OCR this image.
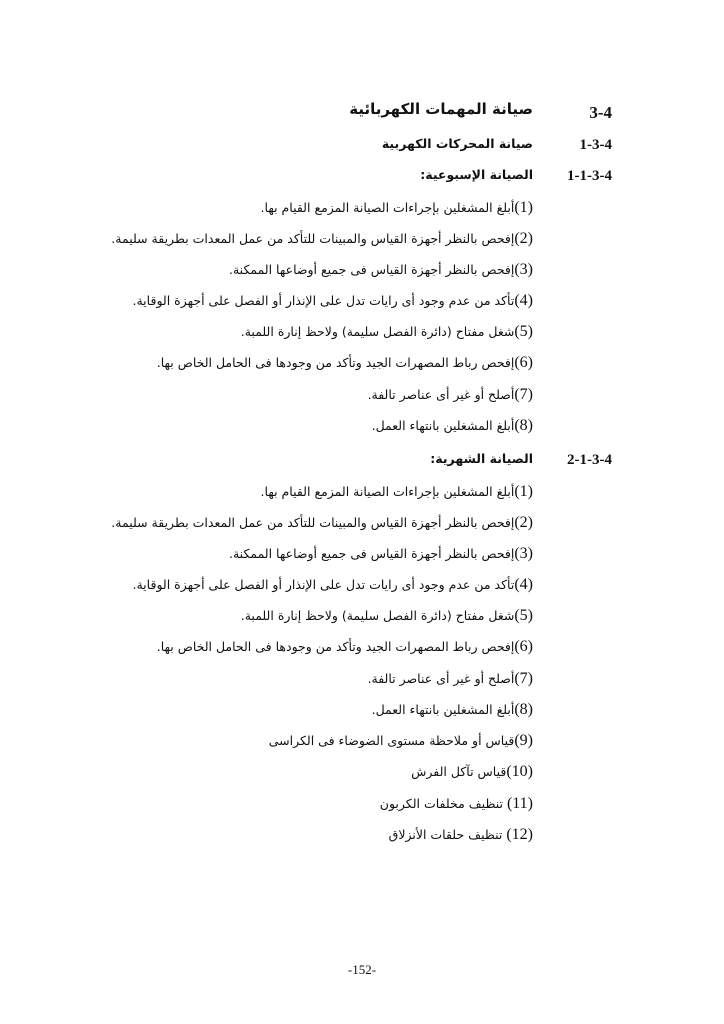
3-4
صيانة المهمات الكهربائية
1-3-4
صيانة المحركات الكهربية
1-1-3-4
الصيانة الإسبوعية:
(1)أبلغ المشغلين بإجراءات الصيانة المزمع القيام بها.
(2)إفحص بالنظر أجهزة القياس والمبينات للتأكد من عمل المعدات بطريقة سليمة.
(3)إفحص بالنظر أجهزة القياس فى جميع أوضاعها الممكنة.
(4)تأكد من عدم وجود أى رايات تدل على الإنذار أو الفصل على أجهزة الوقاية.
(5)شغل مفتاح (دائرة الفصل سليمة) ولاحظ إنارة اللمبة.
(6)إفحص رباط المصهرات الجيد وتأكد من وجودها فى الحامل الخاص بها.
(7)أصلح أو غير أى عناصر تالفة.
(8)أبلغ المشغلين بانتهاء العمل.
2-1-3-4
الصيانة الشهرية:
(1)أبلغ المشغلين بإجراءات الصيانة المزمع القيام بها.
(2)إفحص بالنظر أجهزة القياس والمبينات للتأكد من عمل المعدات بطريقة سليمة.
(3)إفحص بالنظر أجهزة القياس فى جميع أوضاعها الممكنة.
(4)تأكد من عدم وجود أى رايات تدل على الإنذار أو الفصل على أجهزة الوقاية.
(5)شغل مفتاح (دائرة الفصل سليمة) ولاحظ إنارة اللمبة.
(6)إفحص رباط المصهرات الجيد وتأكد من وجودها فى الحامل الخاص بها.
(7)أصلح أو غير أى عناصر تالفة.
(8)أبلغ المشغلين بانتهاء العمل.
(9)قياس أو ملاحظة مستوى الضوضاء فى الكراسى
(10)قياس تآكل الفرش
(11) تنظيف مخلفات الكربون
(12) تنظيف حلقات الأنزلاق
-152-
